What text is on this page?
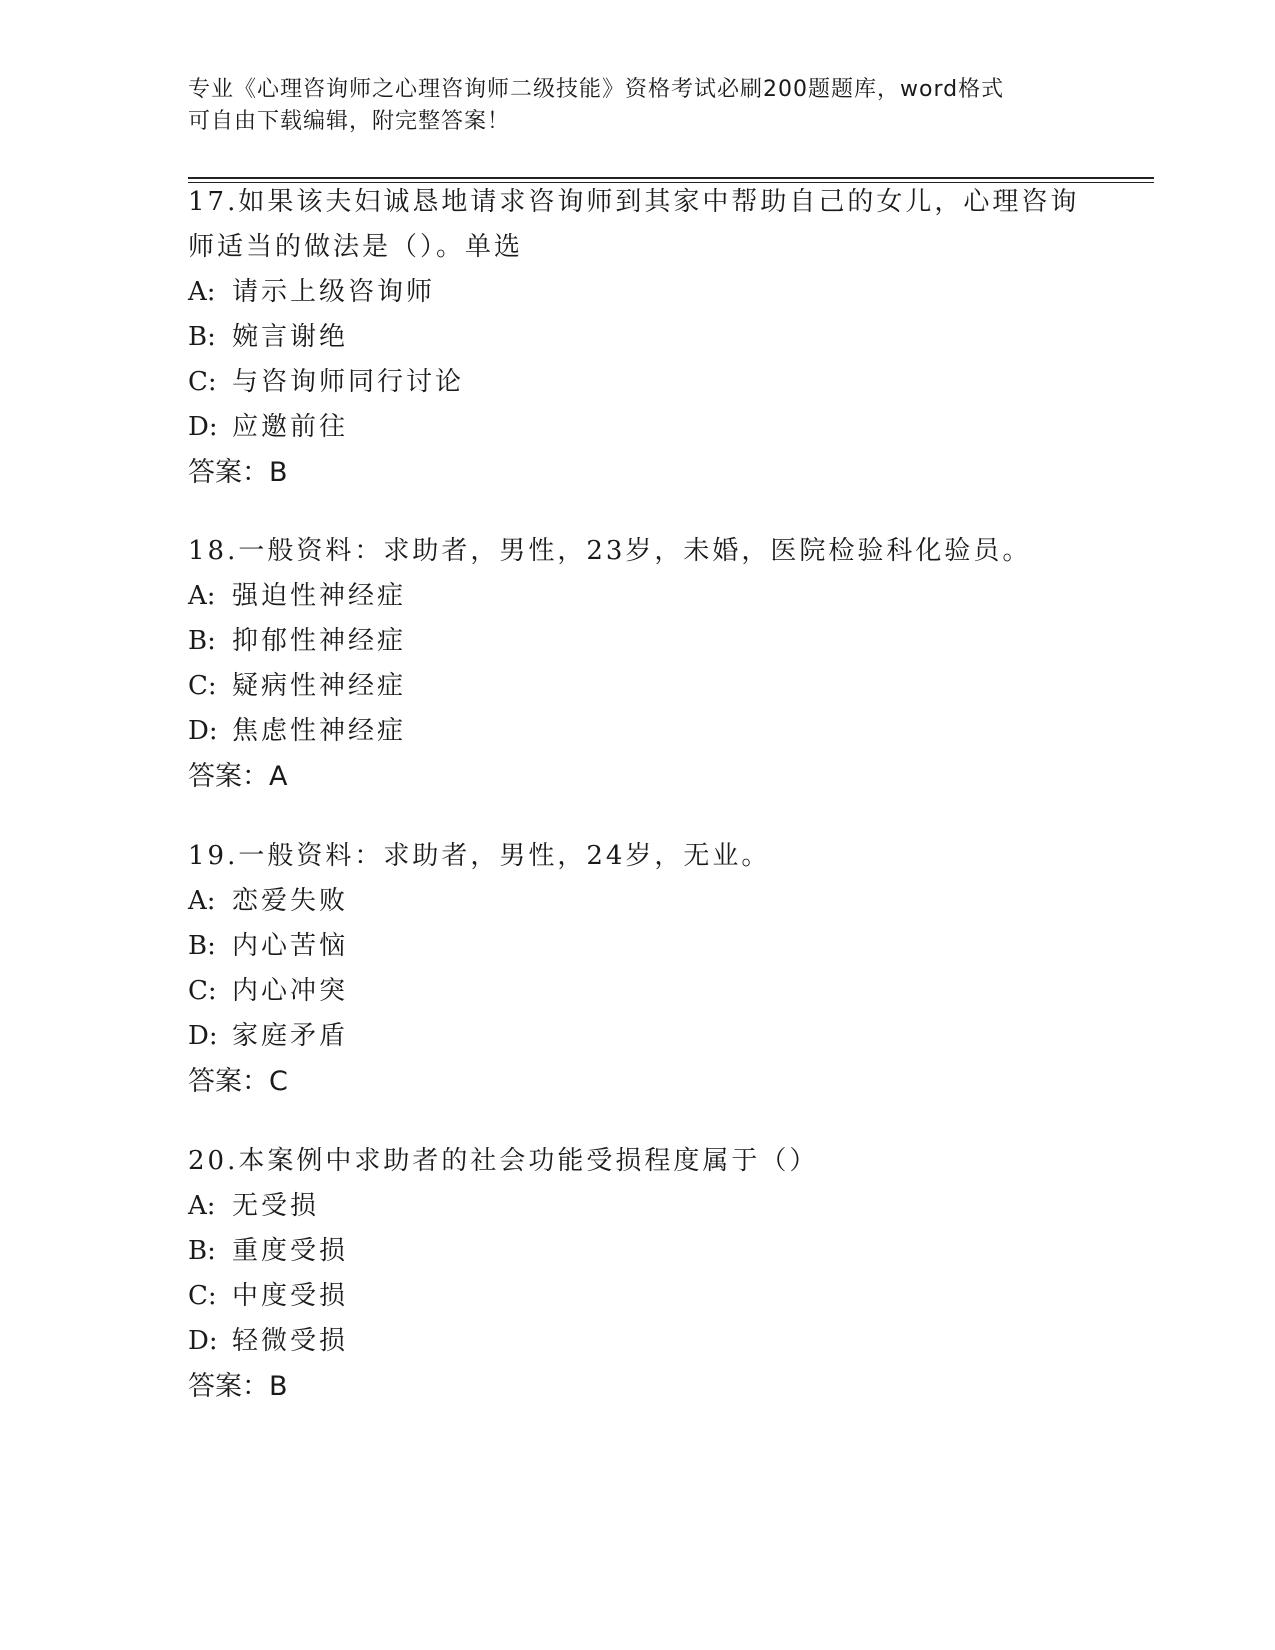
专业《心理咨询师之心理咨询师二级技能》资格考试必刷200题题库，word格式
可自由下载编辑，附完整答案！
17.如果该夫妇诚恳地请求咨询师到其家中帮助自己的女儿，心理咨询
师适当的做法是（）。单选
A: 请示上级咨询师
B: 婉言谢绝
C: 与咨询师同行讨论
D: 应邀前往
答案：B
18.一般资料：求助者，男性，23岁，未婚，医院检验科化验员。
A: 强迫性神经症
B: 抑郁性神经症
C: 疑病性神经症
D: 焦虑性神经症
答案：A
19.一般资料：求助者，男性，24岁，无业。
A: 恋爱失败
B: 内心苦恼
C: 内心冲突
D: 家庭矛盾
答案：C
20.本案例中求助者的社会功能受损程度属于（）
A: 无受损
B: 重度受损
C: 中度受损
D: 轻微受损
答案：B
